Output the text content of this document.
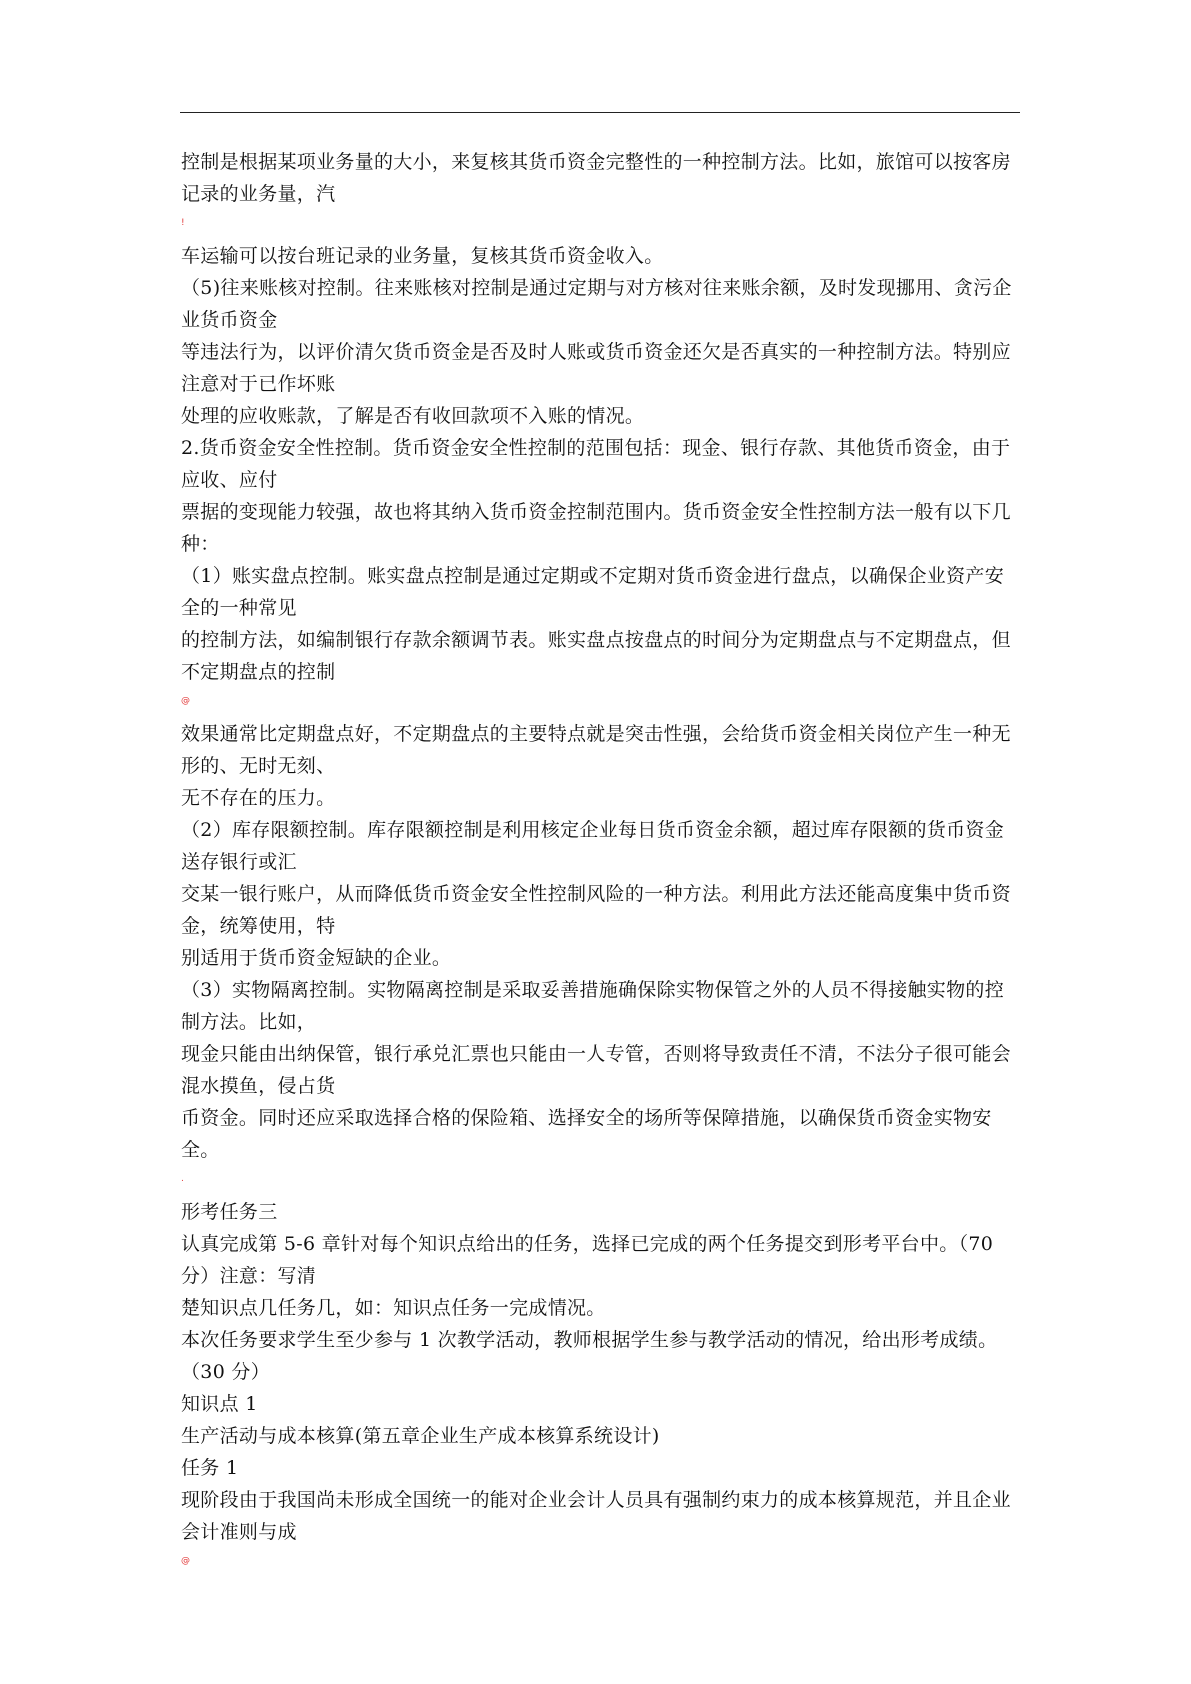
控制是根据某项业务量的大小，来复核其货币资金完整性的一种控制方法。比如，旅馆可以按客房记录的业务量，汽

!

车运输可以按台班记录的业务量，复核其货币资金收入。

（5)往来账核对控制。往来账核对控制是通过定期与对方核对往来账余额，及时发现挪用、贪污企业货币资金

等违法行为，以评价清欠货币资金是否及时人账或货币资金还欠是否真实的一种控制方法。特别应注意对于已作坏账

处理的应收账款，了解是否有收回款项不入账的情况。

2.货币资金安全性控制。货币资金安全性控制的范围包括：现金、银行存款、其他货币资金，由于应收、应付

票据的变现能力较强，故也将其纳入货币资金控制范围内。货币资金安全性控制方法一般有以下几种：

（1）账实盘点控制。账实盘点控制是通过定期或不定期对货币资金进行盘点，以确保企业资产安全的一种常见

的控制方法，如编制银行存款余额调节表。账实盘点按盘点的时间分为定期盘点与不定期盘点，但不定期盘点的控制

@

效果通常比定期盘点好，不定期盘点的主要特点就是突击性强，会给货币资金相关岗位产生一种无形的、无时无刻、

无不存在的压力。

（2）库存限额控制。库存限额控制是利用核定企业每日货币资金余额，超过库存限额的货币资金送存银行或汇

交某一银行账户，从而降低货币资金安全性控制风险的一种方法。利用此方法还能高度集中货币资金，统筹使用，特

别适用于货币资金短缺的企业。

（3）实物隔离控制。实物隔离控制是采取妥善措施确保除实物保管之外的人员不得接触实物的控制方法。比如，

现金只能由出纳保管，银行承兑汇票也只能由一人专管，否则将导致责任不清，不法分子很可能会混水摸鱼，侵占货

币资金。同时还应采取选择合格的保险箱、选择安全的场所等保障措施，以确保货币资金实物安全。

.

形考任务三

认真完成第 5-6 章针对每个知识点给出的任务，选择已完成的两个任务提交到形考平台中。（70 分）注意：写清

楚知识点几任务几，如：知识点任务一完成情况。

本次任务要求学生至少参与 1 次教学活动，教师根据学生参与教学活动的情况，给出形考成绩。（30 分）

知识点 1

生产活动与成本核算(第五章企业生产成本核算系统设计)

任务 1

现阶段由于我国尚未形成全国统一的能对企业会计人员具有强制约束力的成本核算规范，并且企业会计准则与成

@
